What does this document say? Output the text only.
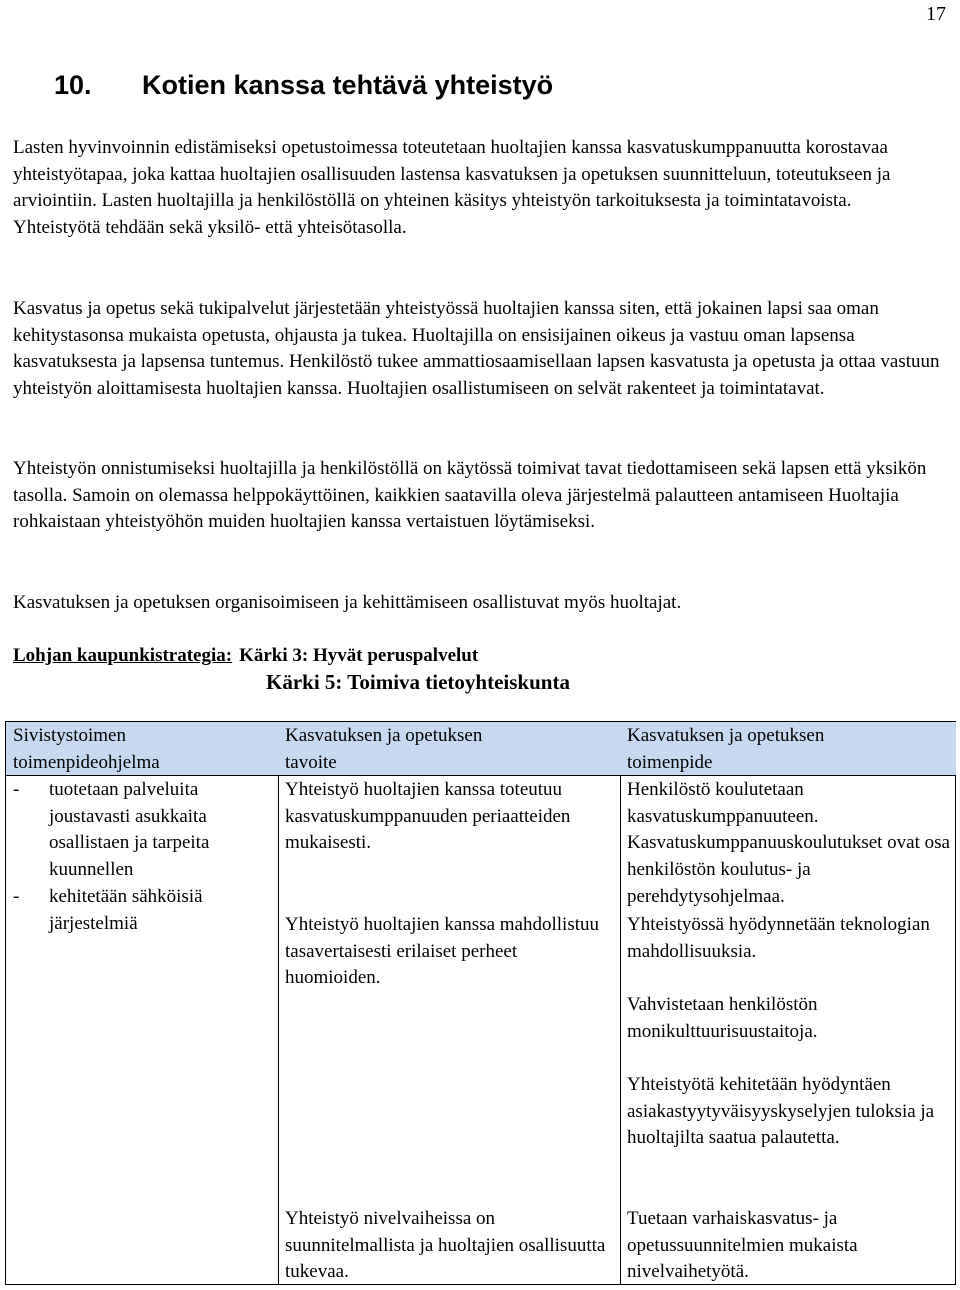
17
10. Kotien kanssa tehtävä yhteistyö

Lasten hyvinvoinnin edistämiseksi opetustoimessa toteutetaan huoltajien kanssa kasvatuskumppanuutta korostavaa yhteistyötapaa, joka kattaa huoltajien osallisuuden lastensa kasvatuksen ja opetuksen suunnitteluun, toteutukseen ja arviointiin. Lasten huoltajilla ja henkilöstöllä on yhteinen käsitys yhteistyön tarkoituksesta ja toimintatavoista. Yhteistyötä tehdään sekä yksilö- että yhteisötasolla.

Kasvatus ja opetus sekä tukipalvelut järjestetään yhteistyössä huoltajien kanssa siten, että jokainen lapsi saa oman kehitystasonsa mukaista opetusta, ohjausta ja tukea. Huoltajilla on ensisijainen oikeus ja vastuu oman lapsensa kasvatuksesta ja lapsensa tuntemus. Henkilöstö tukee ammattiosaamisellaan lapsen kasvatusta ja opetusta ja ottaa vastuun yhteistyön aloittamisesta huoltajien kanssa. Huoltajien osallistumiseen on selvät rakenteet ja toimintatavat.

Yhteistyön onnistumiseksi huoltajilla ja henkilöstöllä on käytössä toimivat tavat tiedottamiseen sekä lapsen että yksikön tasolla. Samoin on olemassa helppokäyttöinen, kaikkien saatavilla oleva järjestelmä palautteen antamiseen Huoltajia rohkaistaan yhteistyöhön muiden huoltajien kanssa vertaistuen löytämiseksi.

Kasvatuksen ja opetuksen organisoimiseen ja kehittämiseen osallistuvat myös huoltajat.

Lohjan kaupunkistrategia: Kärki 3: Hyvät peruspalvelut
Kärki 5: Toimiva tietoyhteiskunta
Sivistystoimen
toimenpideohjelma
-	tuotetaan palveluita joustavasti asukkaita osallistaen ja tarpeita kuunnellen
-	kehitetään sähköisiä järjestelmiä
Kasvatuksen ja opetuksen
tavoite
Yhteistyö huoltajien kanssa toteutuu kasvatuskumppanuuden periaatteiden mukaisesti.
Yhteistyö huoltajien kanssa mahdollistuu tasavertaisesti erilaiset perheet huomioiden.
Yhteistyö nivelvaiheissa on suunnitelmallista ja huoltajien osallisuutta tukevaa.
Kasvatuksen ja opetuksen
toimenpide
Henkilöstö koulutetaan kasvatuskumppanuuteen. Kasvatuskumppanuuskoulutukset ovat osa henkilöstön koulutus- ja perehdytysohjelmaa.
Yhteistyössä hyödynnetään teknologian mahdollisuuksia.
Vahvistetaan henkilöstön monikulttuurisuustaitoja.
Yhteistyötä kehitetään hyödyntäen asiakastyytyväisyyskyselyjen tuloksia ja huoltajilta saatua palautetta.
Tuetaan varhaiskasvatus- ja opetussuunnitelmien mukaista nivelvaihetyötä.
